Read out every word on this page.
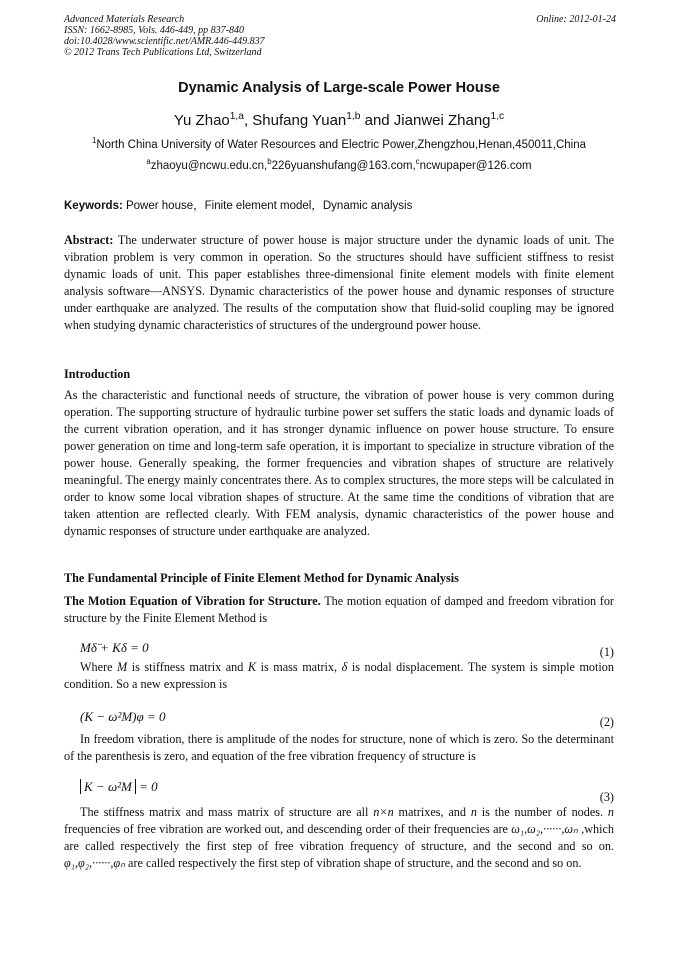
Advanced Materials Research
ISSN: 1662-8985, Vols. 446-449, pp 837-840
doi:10.4028/www.scientific.net/AMR.446-449.837
© 2012 Trans Tech Publications Ltd, Switzerland
Online: 2012-01-24
Dynamic Analysis of Large-scale Power House
Yu Zhao$^{1,a}$, Shufang Yuan$^{1,b}$ and Jianwei Zhang$^{1,c}$
$^1$North China University of Water Resources and Electric Power,Zhengzhou,Henan,450011,China
$^a$zhaoyu@ncwu.edu.cn,$^b$226yuanshufang@163.com,$^c$ncwupaper@126.com
Keywords: Power house，Finite element model，Dynamic analysis
Abstract: The underwater structure of power house is major structure under the dynamic loads of unit. The vibration problem is very common in operation. So the structures should have sufficient stiffness to resist dynamic loads of unit. This paper establishes three-dimensional finite element models with finite element analysis software—ANSYS. Dynamic characteristics of the power house and dynamic responses of structure under earthquake are analyzed. The results of the computation show that fluid-solid coupling may be ignored when studying dynamic characteristics of structures of the underground power house.
Introduction
As the characteristic and functional needs of structure, the vibration of power house is very common during operation. The supporting structure of hydraulic turbine power set suffers the static loads and dynamic loads of the current vibration operation, and it has stronger dynamic influence on power house structure. To ensure power generation on time and long-term safe operation, it is important to specialize in structure vibration of the power house. Generally speaking, the former frequencies and vibration shapes of structure are relatively meaningful. The energy mainly concentrates there. As to complex structures, the more steps will be calculated in order to know some local vibration shapes of structure. At the same time the conditions of vibration that are taken attention are reflected clearly. With FEM analysis, dynamic characteristics of the power house and dynamic responses of structure under earthquake are analyzed.
The Fundamental Principle of Finite Element Method for Dynamic Analysis
The Motion Equation of Vibration for Structure. The motion equation of damped and freedom vibration for structure by the Finite Element Method is
Mδ̈ + Kδ = 0	(1)
Where M is stiffness matrix and K is mass matrix, δ is nodal displacement. The system is simple motion condition. So a new expression is
(K − ω²M)φ = 0	(2)
In freedom vibration, there is amplitude of the nodes for structure, none of which is zero. So the determinant of the parenthesis is zero, and equation of the free vibration frequency of structure is
K − ω²M = 0
(3)
The stiffness matrix and mass matrix of structure are all n×n matrixes, and n is the number of nodes. n frequencies of free vibration are worked out, and descending order of their frequencies are ω₁,ω₂,······,ωₙ ,which are called respectively the first step of free vibration frequency of structure, and the second and so on. φ₁,φ₂,······,φₙ are called respectively the first step of vibration shape of structure, and the second and so on.
